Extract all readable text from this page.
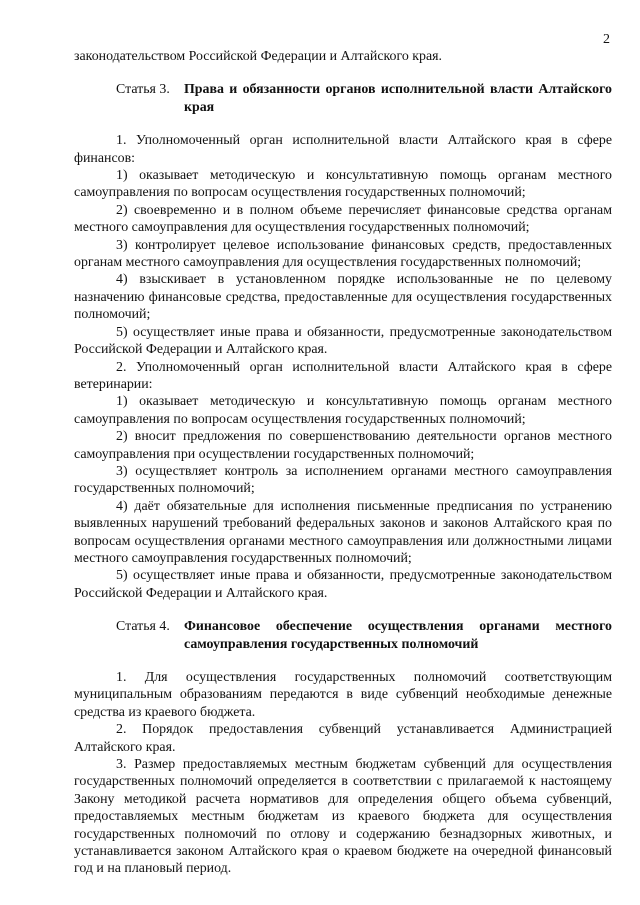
2

законодательством Российской Федерации и Алтайского края.

Статья 3.	Права и обязанности органов исполнительной власти Алтайского края

1. Уполномоченный орган исполнительной власти Алтайского края в сфере финансов:

1) оказывает методическую и консультативную помощь органам местного самоуправления по вопросам осуществления государственных полномочий;

2) своевременно и в полном объеме перечисляет финансовые средства органам местного самоуправления для осуществления государственных полномочий;

3) контролирует целевое использование финансовых средств, предоставленных органам местного самоуправления для осуществления государственных полномочий;

4) взыскивает в установленном порядке использованные не по целевому назначению финансовые средства, предоставленные для осуществления государственных полномочий;

5) осуществляет иные права и обязанности, предусмотренные законодательством Российской Федерации и Алтайского края.

2. Уполномоченный орган исполнительной власти Алтайского края в сфере ветеринарии:

1) оказывает методическую и консультативную помощь органам местного самоуправления по вопросам осуществления государственных полномочий;

2) вносит предложения по совершенствованию деятельности органов местного самоуправления при осуществлении государственных полномочий;

3) осуществляет контроль за исполнением органами местного самоуправления государственных полномочий;

4) даёт обязательные для исполнения письменные предписания по устранению выявленных нарушений требований федеральных законов и законов Алтайского края по вопросам осуществления органами местного самоуправления или должностными лицами местного самоуправления государственных полномочий;

5) осуществляет иные права и обязанности, предусмотренные законодательством Российской Федерации и Алтайского края.

Статья 4.	Финансовое обеспечение осуществления органами местного самоуправления государственных полномочий

1. Для осуществления государственных полномочий соответствующим муниципальным образованиям передаются в виде субвенций необходимые денежные средства из краевого бюджета.

2. Порядок предоставления субвенций устанавливается Администрацией Алтайского края.

3. Размер предоставляемых местным бюджетам субвенций для осуществления государственных полномочий определяется в соответствии с прилагаемой к настоящему Закону методикой расчета нормативов для определения общего объема субвенций, предоставляемых местным бюджетам из краевого бюджета для осуществления государственных полномочий по отлову и содержанию безнадзорных животных, и устанавливается законом Алтайского края о краевом бюджете на очередной финансовый год и на плановый период.
